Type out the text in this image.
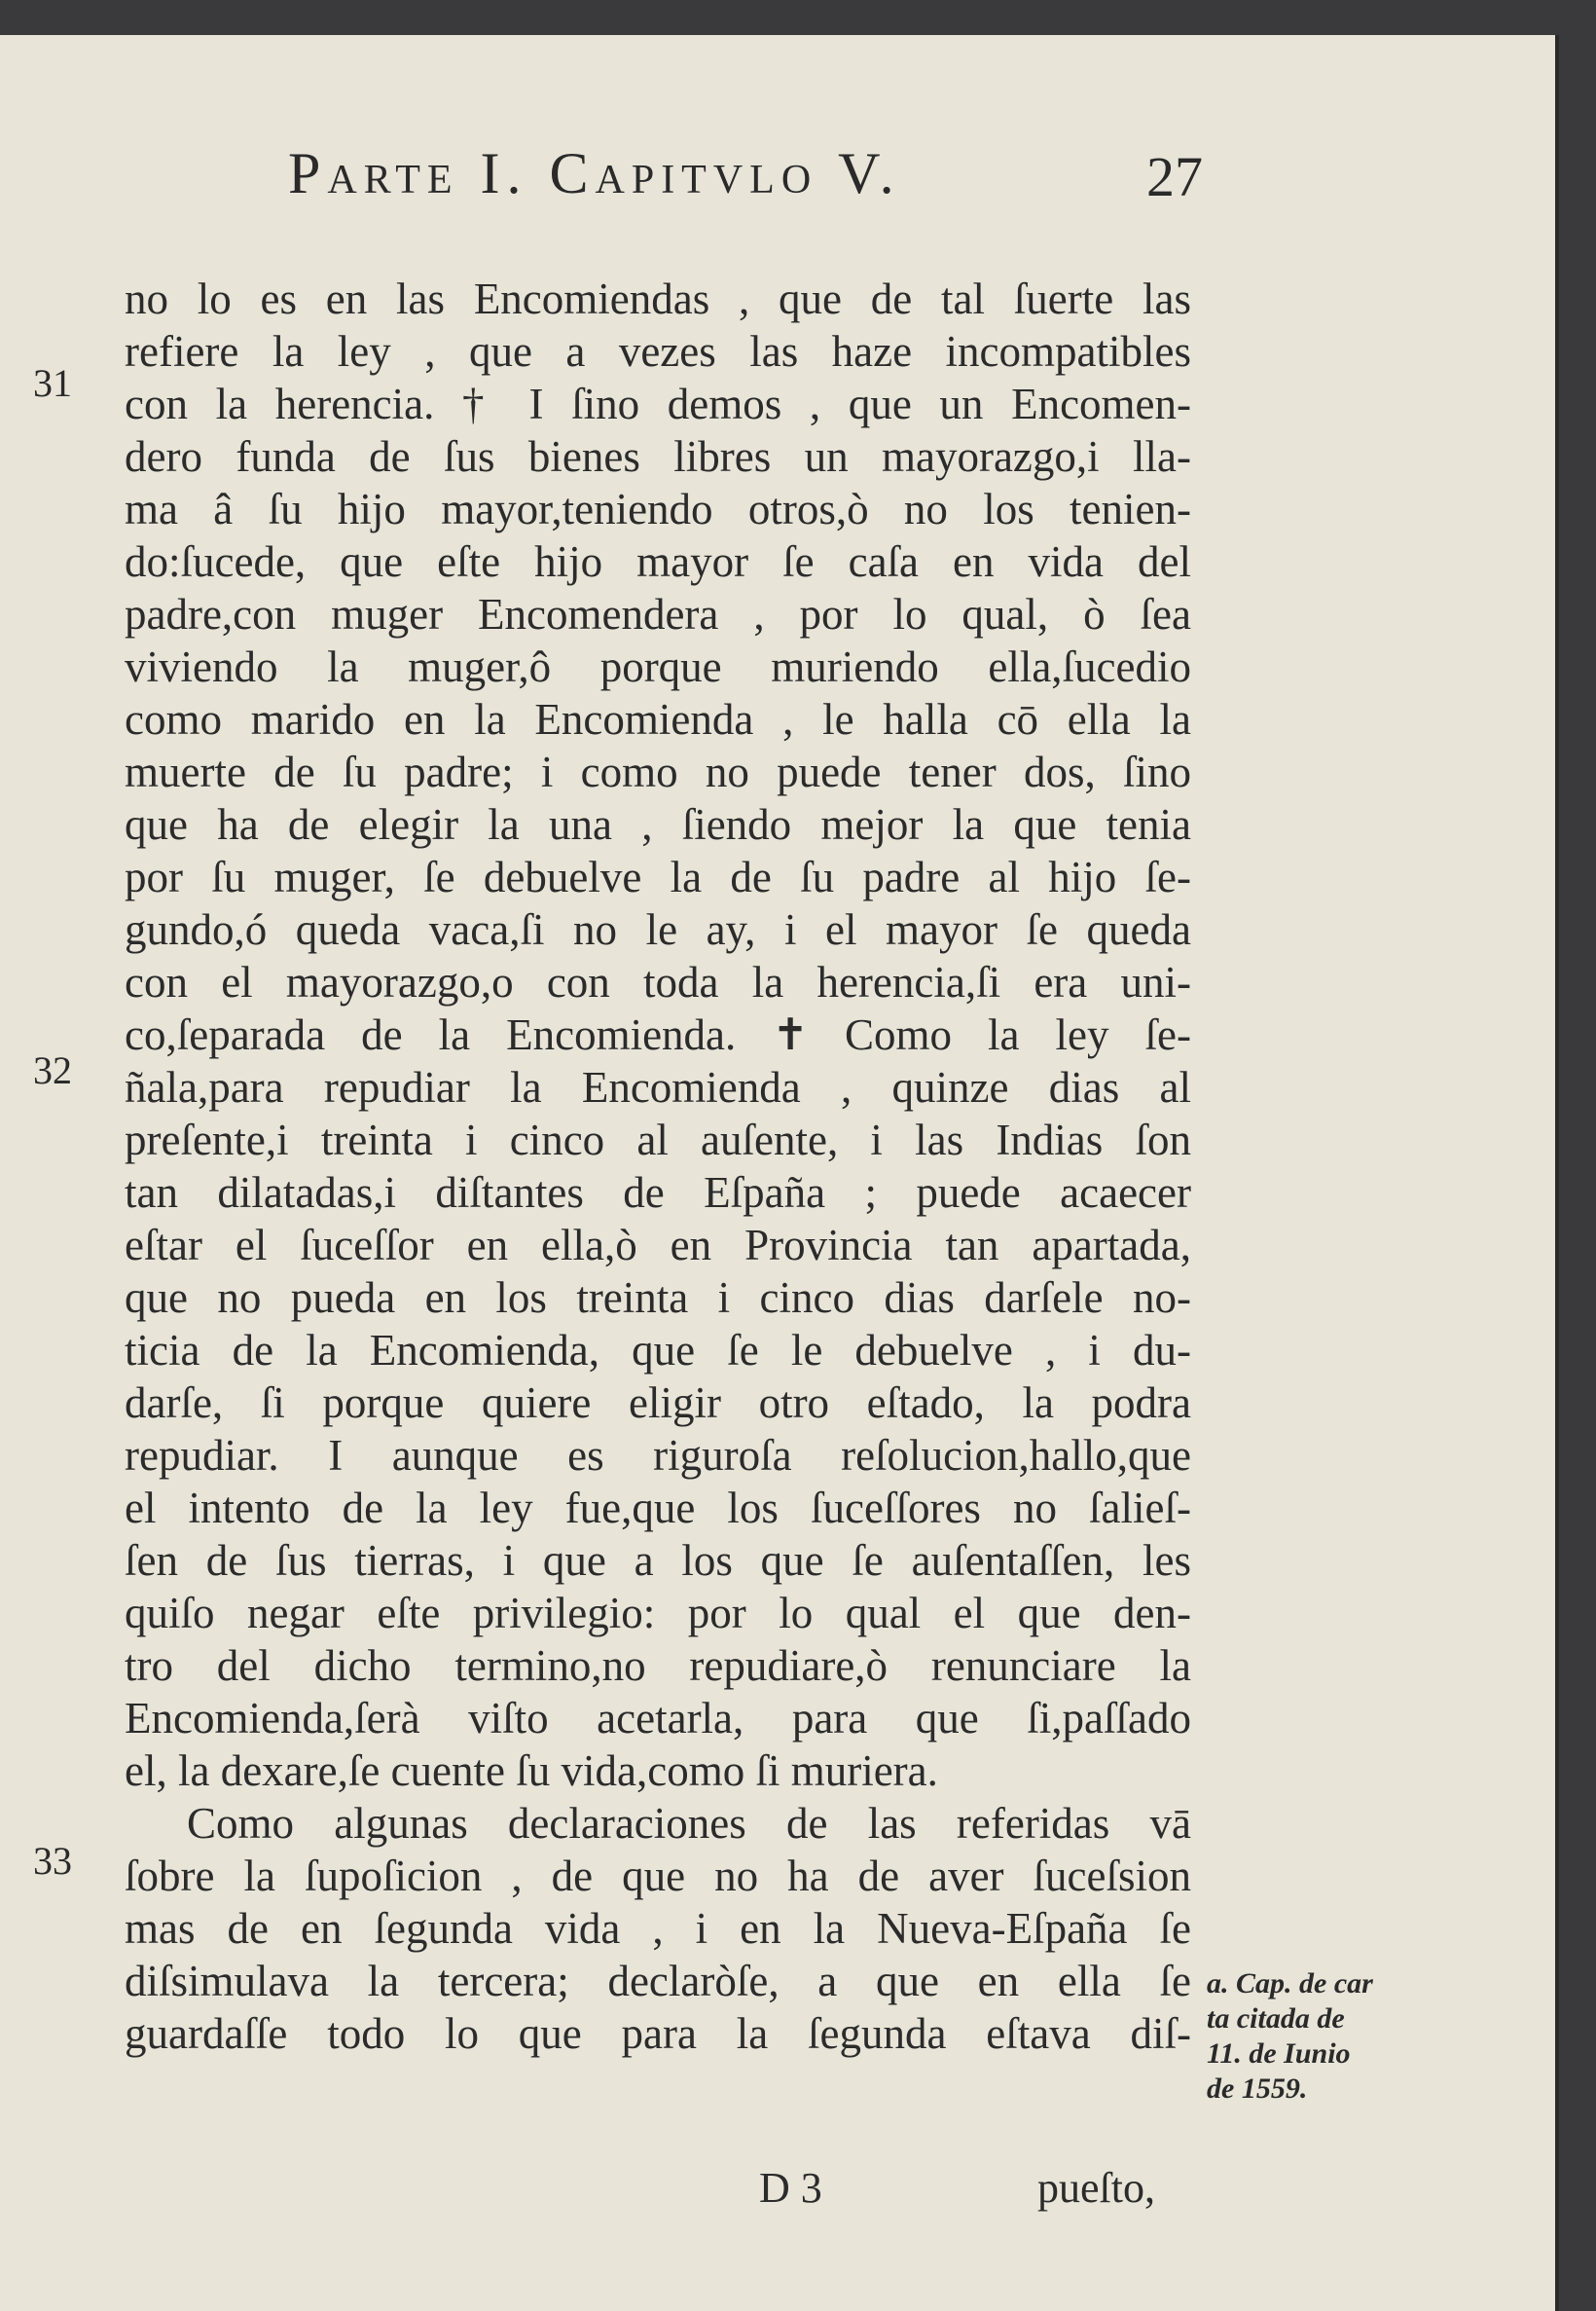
Parte I. Capitvlo V.	27
31
32
33
no lo es en las Encomiendas , que de tal ſuerte las
refiere la ley , que a vezes las haze incompatibles
con la herencia. † I ſino demos , que un Encomen-
dero funda de ſus bienes libres un mayorazgo,i lla-
ma â ſu hijo mayor,teniendo otros,ò no los tenien-
do:ſucede, que eſte hijo mayor ſe caſa en vida del
padre,con muger Encomendera , por lo qual, ò ſea
viviendo la muger,ô porque muriendo ella,ſucedio
como marido en la Encomienda , le halla cō ella la
muerte de ſu padre; i como no puede tener dos, ſino
que ha de elegir la una , ſiendo mejor la que tenia
por ſu muger, ſe debuelve la de ſu padre al hijo ſe-
gundo,ó queda vaca,ſi no le ay, i el mayor ſe queda
con el mayorazgo,o con toda la herencia,ſi era uni-
co,ſeparada de la Encomienda. ✝ Como la ley ſe-
ñala,para repudiar la Encomienda , quinze dias al
preſente,i treinta i cinco al auſente, i las Indias ſon
tan dilatadas,i diſtantes de Eſpaña ; puede acaecer
eſtar el ſuceſſor en ella,ò en Provincia tan apartada,
que no pueda en los treinta i cinco dias darſele no-
ticia de la Encomienda, que ſe le debuelve , i du-
darſe, ſi porque quiere eligir otro eſtado, la podra
repudiar. I aunque es riguroſa reſolucion,hallo,que
el intento de la ley fue,que los ſuceſſores no ſalieſ-
ſen de ſus tierras, i que a los que ſe auſentaſſen, les
quiſo negar eſte privilegio: por lo qual el que den-
tro del dicho termino,no repudiare,ò renunciare la
Encomienda,ſerà viſto acetarla, para que ſi,paſſado
el, la dexare,ſe cuente ſu vida,como ſi muriera.
Como algunas declaraciones de las referidas vā
ſobre la ſupoſicion , de que no ha de aver ſuceſsion
mas de en ſegunda vida , i en la Nueva-Eſpaña ſe
diſsimulava la tercera; declaròſe, a que en ella ſe
guardaſſe todo lo que para la ſegunda eſtava diſ-
a. Cap. de car
ta citada de
11. de Iunio
de 1559.
D 3	pueſto,
